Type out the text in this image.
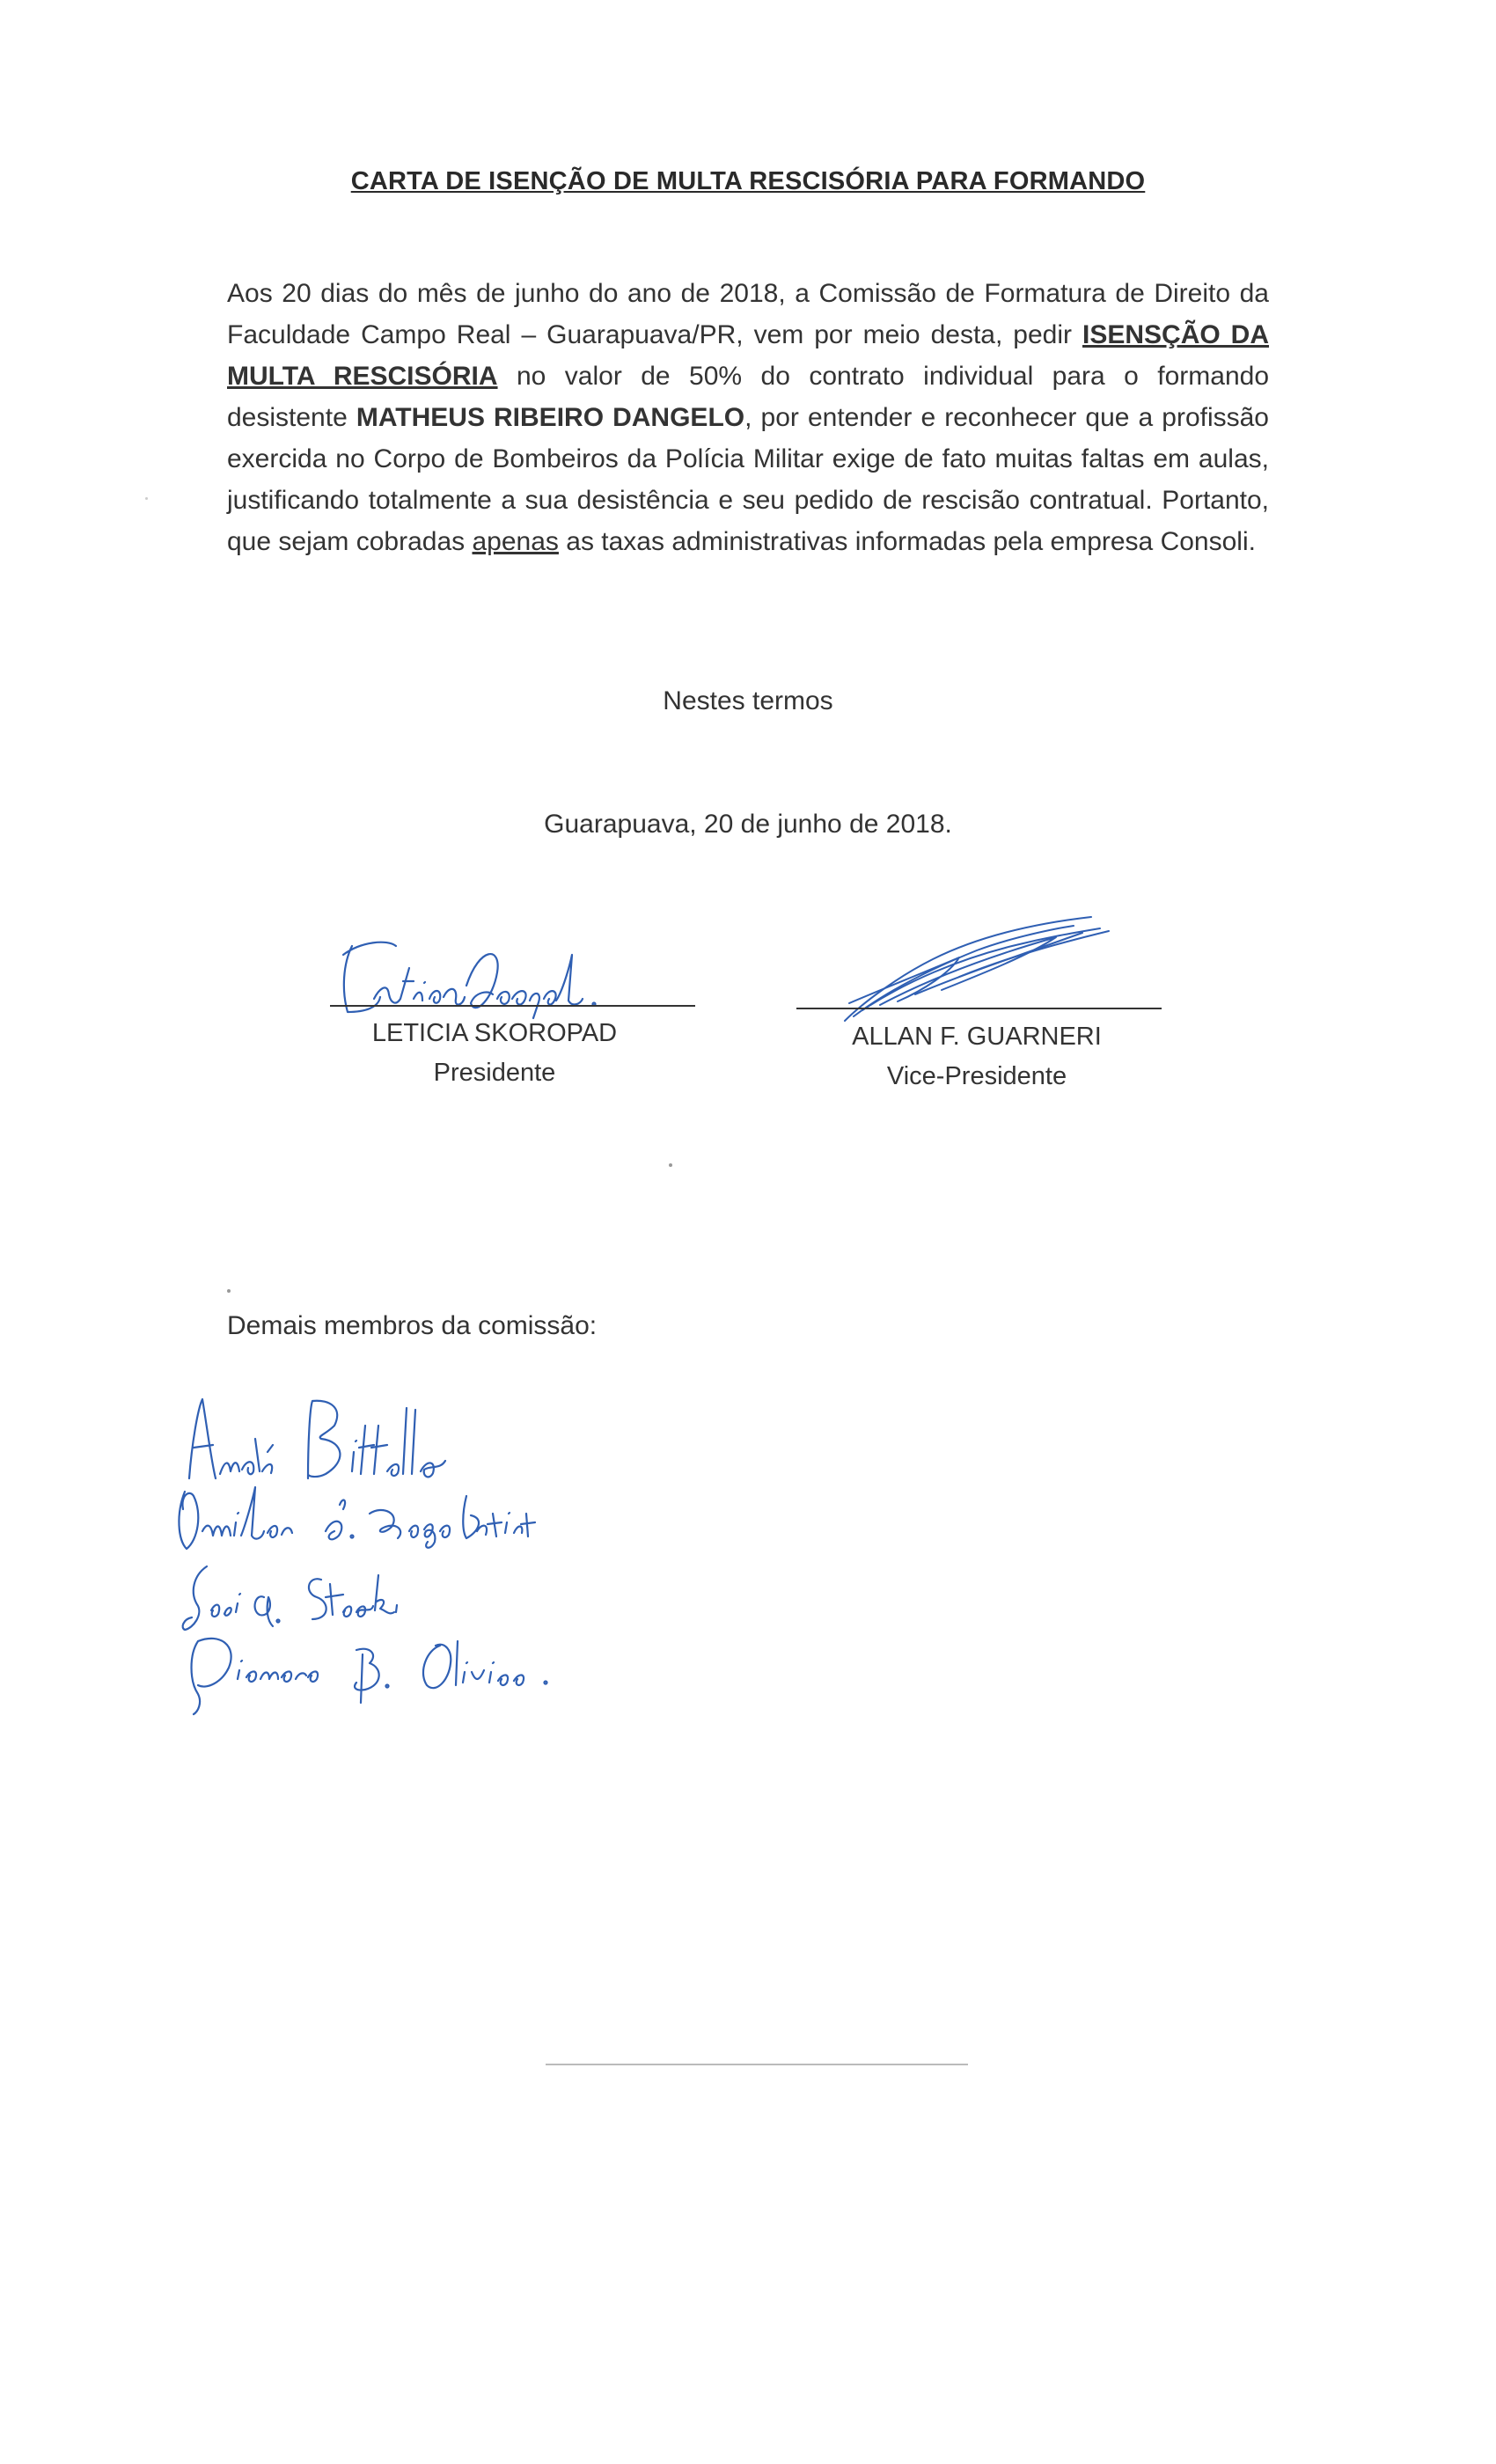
CARTA DE ISENÇÃO DE MULTA RESCISÓRIA PARA FORMANDO
Aos 20 dias do mês de junho do ano de 2018, a Comissão de Formatura de Direito da Faculdade Campo Real – Guarapuava/PR, vem por meio desta, pedir ISENSÇÃO DA MULTA RESCISÓRIA no valor de 50% do contrato individual para o formando desistente MATHEUS RIBEIRO DANGELO, por entender e reconhecer que a profissão exercida no Corpo de Bombeiros da Polícia Militar exige de fato muitas faltas em aulas, justificando totalmente a sua desistência e seu pedido de rescisão contratual. Portanto, que sejam cobradas apenas as taxas administrativas informadas pela empresa Consoli.
Nestes termos
Guarapuava, 20 de junho de 2018.
LETICIA SKOROPAD
Presidente
ALLAN F. GUARNERI
Vice-Presidente
Demais membros da comissão:
